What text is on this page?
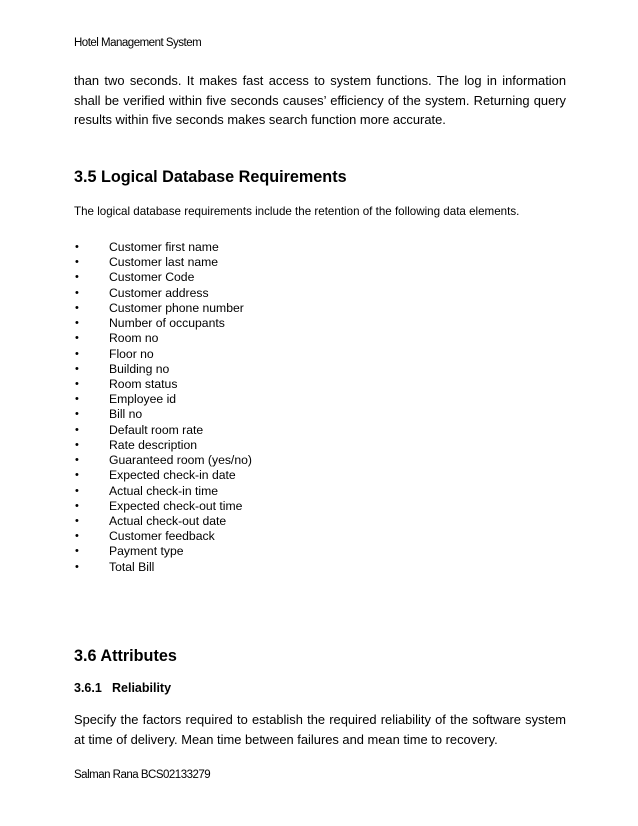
Hotel Management System

than two seconds. It makes fast access to system functions. The log in information shall be verified within five seconds causes’ efficiency of the system. Returning query results within five seconds makes search function more accurate.

3.5 Logical Database Requirements
The logical database requirements include the retention of the following data elements.
• Customer first name
• Customer last name
• Customer Code
• Customer address
• Customer phone number
• Number of occupants
• Room no
• Floor no
• Building no
• Room status
• Employee id
• Bill no
• Default room rate
• Rate description
• Guaranteed room (yes/no)
• Expected check-in date
• Actual check-in time
• Expected check-out time
• Actual check-out date
• Customer feedback
• Payment type
• Total Bill
3.6 Attributes
3.6.1 Reliability

Specify the factors required to establish the required reliability of the software system at time of delivery. Mean time between failures and mean time to recovery.

Salman Rana BCS02133279
